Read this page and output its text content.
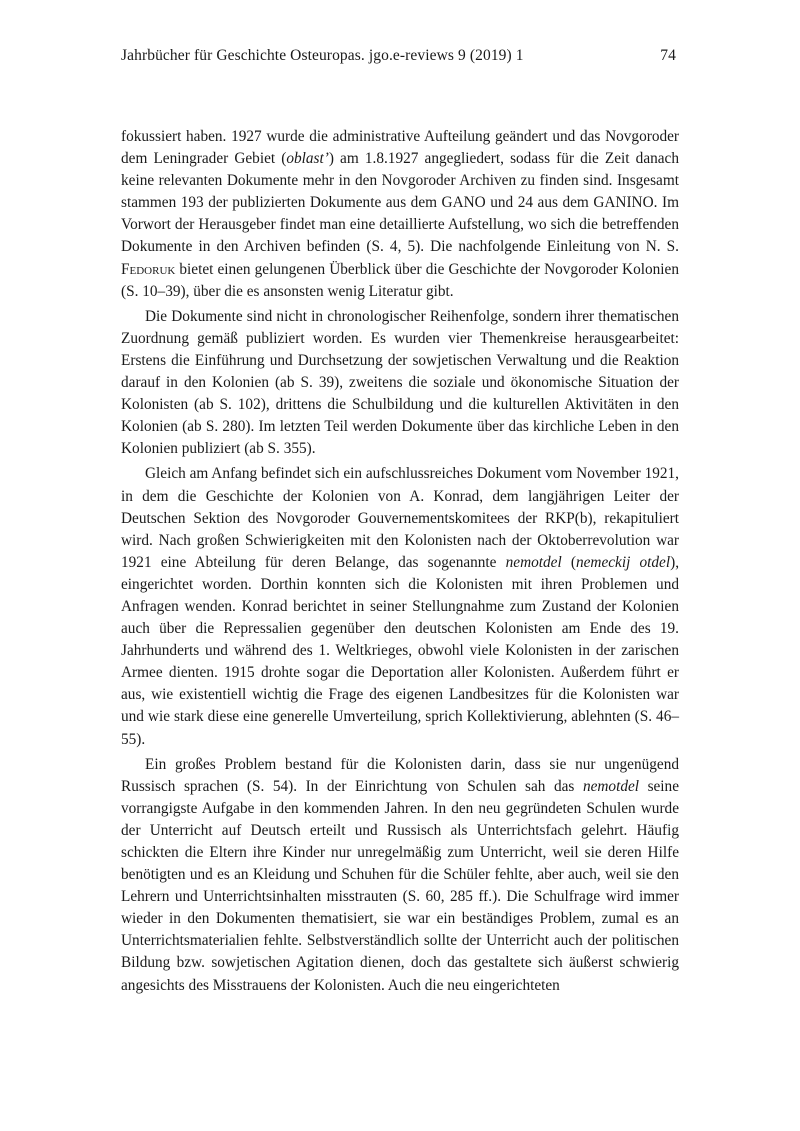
Jahrbücher für Geschichte Osteuropas. jgo.e-reviews 9 (2019) 1	74

fokussiert haben. 1927 wurde die administrative Aufteilung geändert und das Novgoroder dem Leningrader Gebiet (oblast’) am 1.8.1927 angegliedert, sodass für die Zeit danach keine relevanten Dokumente mehr in den Novgoroder Archiven zu finden sind. Insgesamt stammen 193 der publizierten Dokumente aus dem GANO und 24 aus dem GANINO. Im Vorwort der Herausgeber findet man eine detaillierte Aufstellung, wo sich die betreffenden Dokumente in den Archiven befinden (S. 4, 5). Die nachfolgende Einleitung von N. S. Fedoruk bietet einen gelungenen Überblick über die Geschichte der Novgoroder Kolonien (S. 10–39), über die es ansonsten wenig Literatur gibt.

Die Dokumente sind nicht in chronologischer Reihenfolge, sondern ihrer thematischen Zuordnung gemäß publiziert worden. Es wurden vier Themenkreise herausgearbeitet: Erstens die Einführung und Durchsetzung der sowjetischen Verwaltung und die Reaktion darauf in den Kolonien (ab S. 39), zweitens die soziale und ökonomische Situation der Kolonisten (ab S. 102), drittens die Schulbildung und die kulturellen Aktivitäten in den Kolonien (ab S. 280). Im letzten Teil werden Dokumente über das kirchliche Leben in den Kolonien publiziert (ab S. 355).

Gleich am Anfang befindet sich ein aufschlussreiches Dokument vom November 1921, in dem die Geschichte der Kolonien von A. Konrad, dem langjährigen Leiter der Deutschen Sektion des Novgoroder Gouvernementskomitees der RKP(b), rekapituliert wird. Nach großen Schwierigkeiten mit den Kolonisten nach der Oktoberrevolution war 1921 eine Abteilung für deren Belange, das sogenannte nemotdel (nemeckij otdel), eingerichtet worden. Dorthin konnten sich die Kolonisten mit ihren Problemen und Anfragen wenden. Konrad berichtet in seiner Stellungnahme zum Zustand der Kolonien auch über die Repressalien gegenüber den deutschen Kolonisten am Ende des 19. Jahrhunderts und während des 1. Weltkrieges, obwohl viele Kolonisten in der zarischen Armee dienten. 1915 drohte sogar die Deportation aller Kolonisten. Außerdem führt er aus, wie existentiell wichtig die Frage des eigenen Landbesitzes für die Kolonisten war und wie stark diese eine generelle Umverteilung, sprich Kollektivierung, ablehnten (S. 46–55).

Ein großes Problem bestand für die Kolonisten darin, dass sie nur ungenügend Russisch sprachen (S. 54). In der Einrichtung von Schulen sah das nemotdel seine vorrangigste Aufgabe in den kommenden Jahren. In den neu gegründeten Schulen wurde der Unterricht auf Deutsch erteilt und Russisch als Unterrichtsfach gelehrt. Häufig schickten die Eltern ihre Kinder nur unregelmäßig zum Unterricht, weil sie deren Hilfe benötigten und es an Kleidung und Schuhen für die Schüler fehlte, aber auch, weil sie den Lehrern und Unterrichtsinhalten misstrauten (S. 60, 285 ff.). Die Schulfrage wird immer wieder in den Dokumenten thematisiert, sie war ein beständiges Problem, zumal es an Unterrichtsmaterialien fehlte. Selbstverständlich sollte der Unterricht auch der politischen Bildung bzw. sowjetischen Agitation dienen, doch das gestaltete sich äußerst schwierig angesichts des Misstrauens der Kolonisten. Auch die neu eingerichteten
